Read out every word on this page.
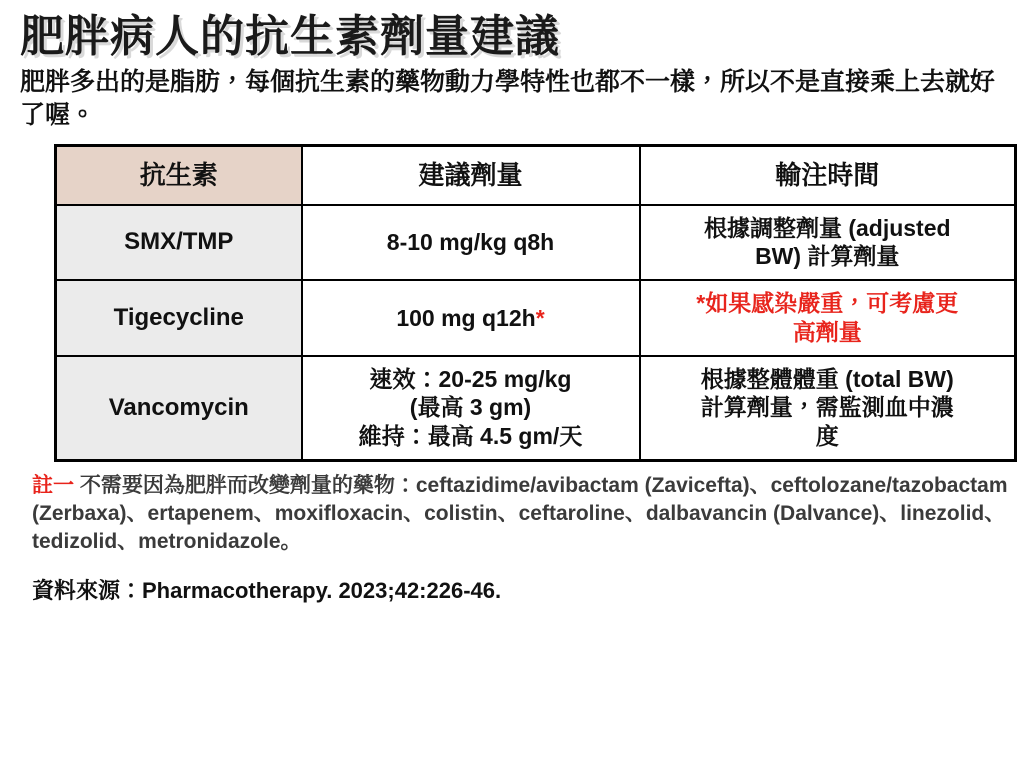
肥胖病人的抗生素劑量建議

肥胖多出的是脂肪，每個抗生素的藥物動力學特性也都不一樣，所以不是直接乘上去就好了喔。

抗生素	建議劑量	輸注時間
SMX/TMP	8-10 mg/kg q8h	根據調整劑量 (adjusted
BW) 計算劑量

Tigecycline	100 mg q12h*	*如果感染嚴重，可考慮更
高劑量

Vancomycin	速效：20-25 mg/kg
(最高 3 gm)
維持：最高 4.5 gm/天	根據整體體重 (total BW)
計算劑量，需監測血中濃
度
註一 不需要因為肥胖而改變劑量的藥物：ceftazidime/avibactam (Zavicefta)、ceftolozane/tazobactam (Zerbaxa)、ertapenem、moxifloxacin、colistin、ceftaroline、dalbavancin (Dalvance)、linezolid、tedizolid、metronidazole。
資料來源：Pharmacotherapy. 2023;42:226-46.
